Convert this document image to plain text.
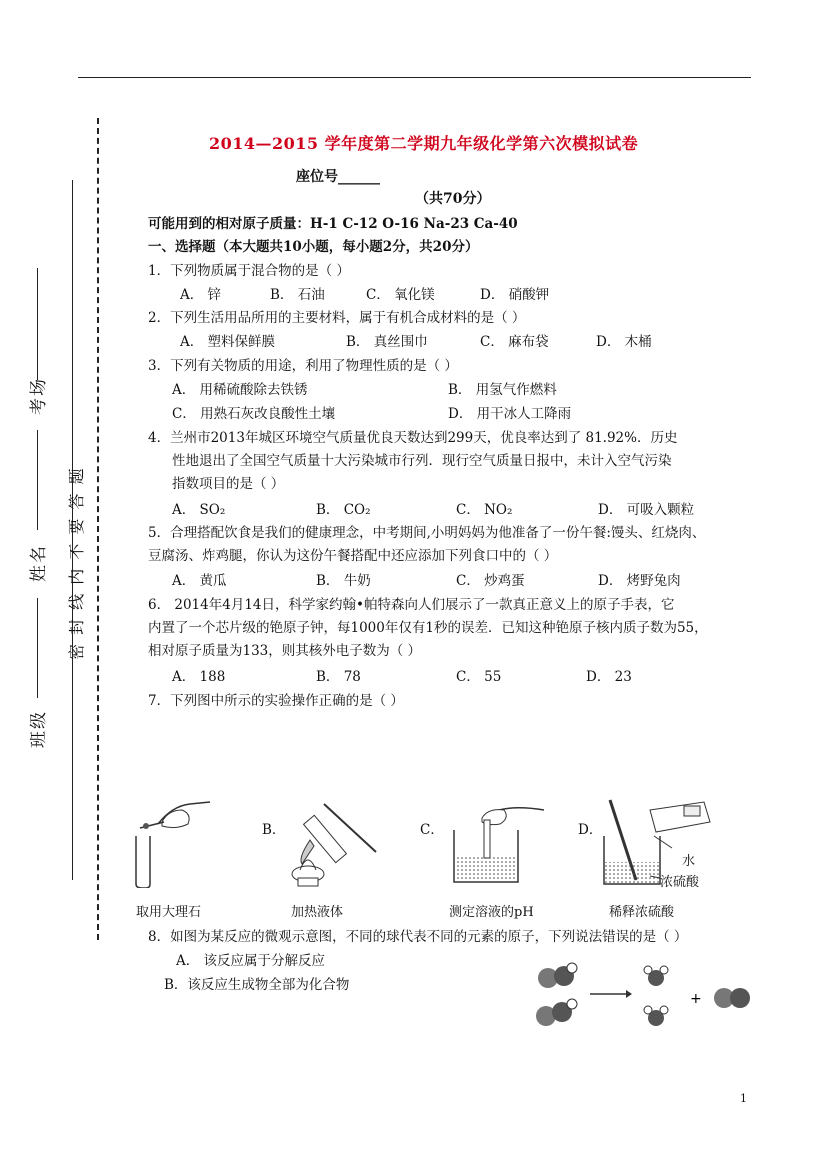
考场
姓名
班级
密 封 线 内 不 要 答 题
2014—2015 学年度第二学期九年级化学第六次模拟试卷
座位号______
（共70分）
可能用到的相对原子质量：H-1 C-12 O-16 Na-23 Ca-40
一、选择题（本大题共10小题，每小题2分，共20分）
1．下列物质属于混合物的是（ ）
A． 锌	B． 石油	C． 氧化镁	D． 硝酸钾
2．下列生活用品所用的主要材料，属于有机合成材料的是（ ）
A． 塑料保鲜膜	B． 真丝围巾	C． 麻布袋	D． 木桶
3．下列有关物质的用途，利用了物理性质的是（ ）
A． 用稀硫酸除去铁锈	B． 用氢气作燃料
C． 用熟石灰改良酸性土壤	D． 用干冰人工降雨
4．兰州市2013年城区环境空气质量优良天数达到299天，优良率达到了 81.92%．历史
性地退出了全国空气质量十大污染城市行列．现行空气质量日报中，未计入空气污染
指数项目的是（ ）
A． SO₂	B． CO₂	C． NO₂	D． 可吸入颗粒
5．合理搭配饮食是我们的健康理念，中考期间,小明妈妈为他准备了一份午餐:馒头、红烧肉、
豆腐汤、炸鸡腿，你认为这份午餐搭配中还应添加下列食口中的（ ）
A． 黄瓜	B． 牛奶	C． 炒鸡蛋	D． 烤野兔肉
6． 2014年4月14日，科学家约翰•帕特森向人们展示了一款真正意义上的原子手表，它
内置了一个芯片级的铯原子钟，每1000年仅有1秒的误差．已知这种铯原子核内质子数为55，
相对原子质量为133，则其核外电子数为（ ）
A． 188	B． 78	C． 55	D． 23
7．下列图中所示的实验操作正确的是（ ）
B．	C．	D．
水
浓硫酸
取用大理石	加热液体	测定溶液的pH	稀释浓硫酸
8．如图为某反应的微观示意图，不同的球代表不同的元素的原子，下列说法错误的是（ ）
A． 该反应属于分解反应
B．该反应生成物全部为化合物
+
1
